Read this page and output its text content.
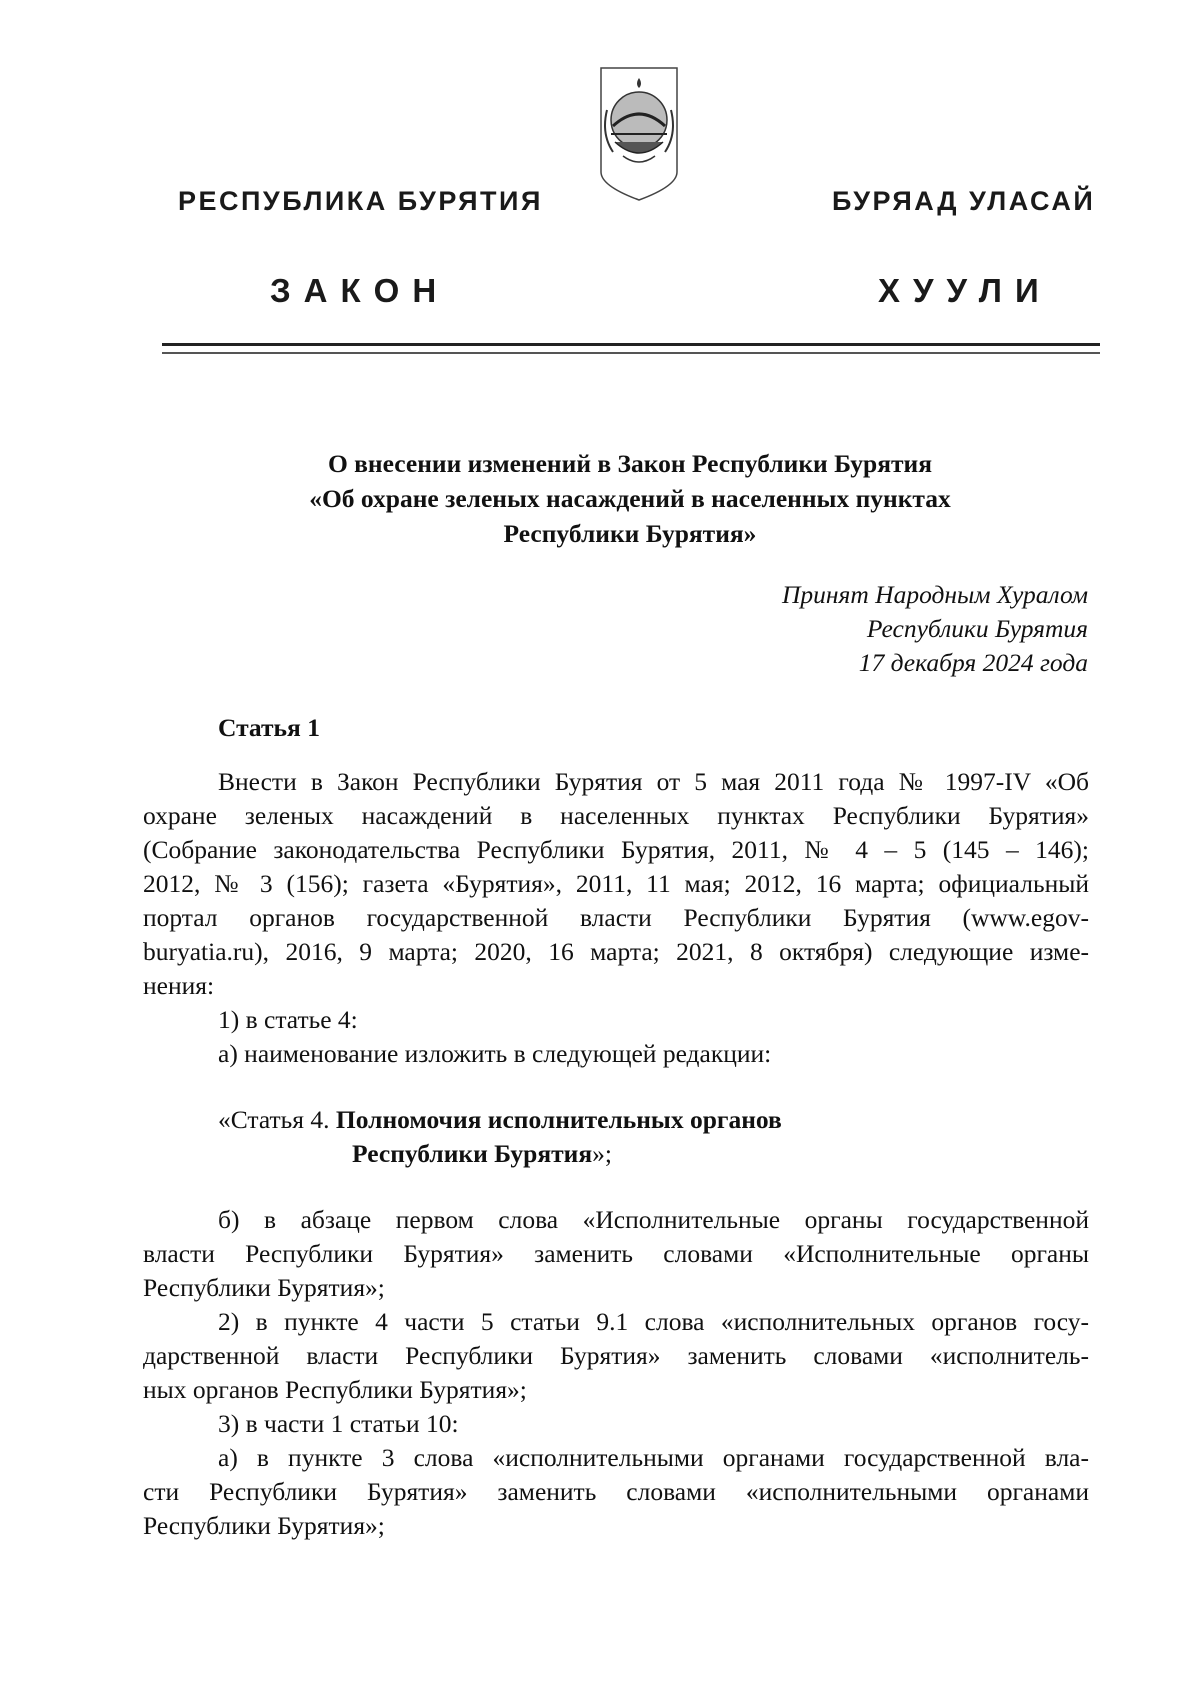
РЕСПУБЛИКА БУРЯТИЯ	БУРЯАД УЛАСАЙ
ЗАКОН	ХУУЛИ
О внесении изменений в Закон Республики Бурятия
«Об охране зеленых насаждений в населенных пунктах
Республики Бурятия»
Принят Народным Хуралом
Республики Бурятия
17 декабря 2024 года
Статья 1
Внести в Закон Республики Бурятия от 5 мая 2011 года № 1997-IV «Об
охране зеленых насаждений в населенных пунктах Республики Бурятия»
(Собрание законодательства Республики Бурятия, 2011, № 4 – 5 (145 – 146);
2012, № 3 (156); газета «Бурятия», 2011, 11 мая; 2012, 16 марта; официальный
портал органов государственной власти Республики Бурятия (www.egov-
buryatia.ru), 2016, 9 марта; 2020, 16 марта; 2021, 8 октября) следующие изме-
нения:
1) в статье 4:
а) наименование изложить в следующей редакции:
«Статья 4. Полномочия исполнительных органов
Республики Бурятия»;
б) в абзаце первом слова «Исполнительные органы государственной
власти Республики Бурятия» заменить словами «Исполнительные органы
Республики Бурятия»;
2) в пункте 4 части 5 статьи 9.1 слова «исполнительных органов госу-
дарственной власти Республики Бурятия» заменить словами «исполнитель-
ных органов Республики Бурятия»;
3) в части 1 статьи 10:
а) в пункте 3 слова «исполнительными органами государственной вла-
сти Республики Бурятия» заменить словами «исполнительными органами
Республики Бурятия»;
